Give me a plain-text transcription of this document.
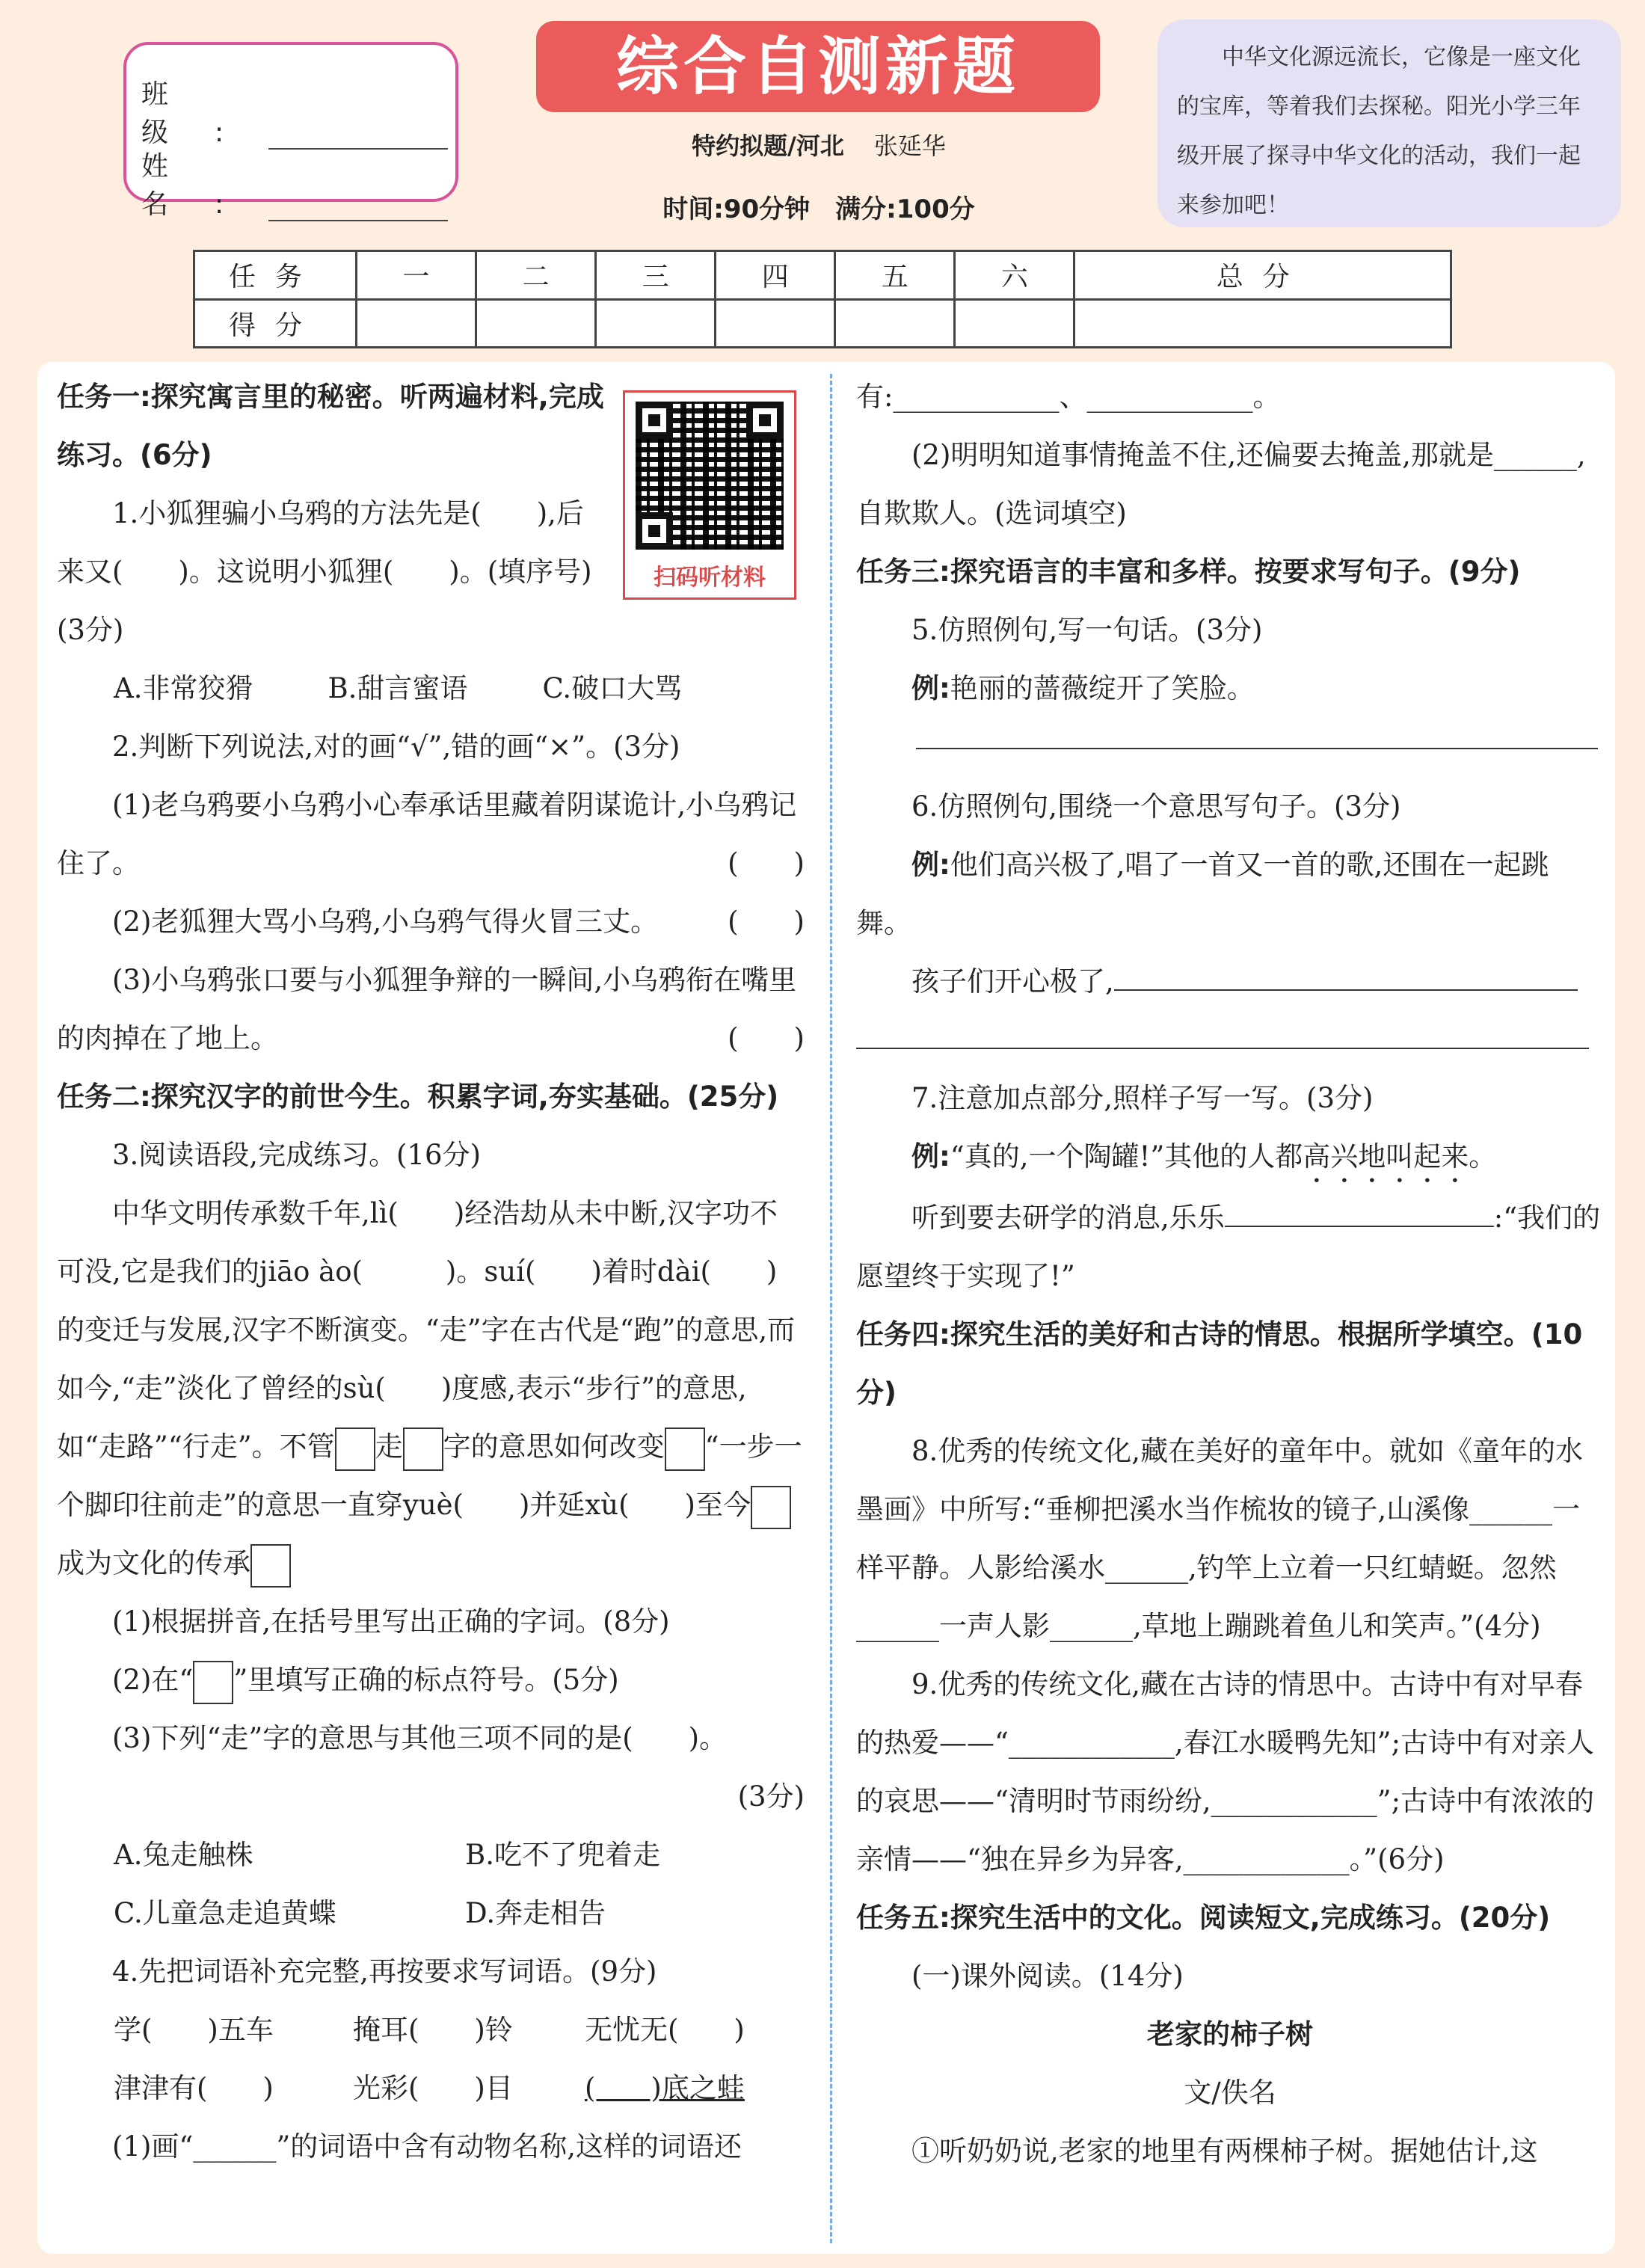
班级:
姓名:
综合自测新题
特约拟题/河北 张延华
时间:90分钟　满分:100分
中华文化源远流长，它像是一座文化的宝库，等着我们去探秘。阳光小学三年级开展了探寻中华文化的活动，我们一起来参加吧！
任务	一	二	三	四	五	六	总分
得分							
扫码听材料

任务一:探究寓言里的秘密。听两遍材料,完成练习。(6分)

1.小狐狸骗小乌鸦的方法先是(　　),后来又(　　)。这说明小狐狸(　　)。(填序号)(3分)

A.非常狡猾	B.甜言蜜语	C.破口大骂

2.判断下列说法,对的画“√”,错的画“×”。(3分)

(1)老乌鸦要小乌鸦小心奉承话里藏着阴谋诡计,小乌鸦记住了。	(　　)

(2)老狐狸大骂小乌鸦,小乌鸦气得火冒三丈。	(　　)

(3)小乌鸦张口要与小狐狸争辩的一瞬间,小乌鸦衔在嘴里的肉掉在了地上。	(　　)

任务二:探究汉字的前世今生。积累字词,夯实基础。(25分)

3.阅读语段,完成练习。(16分)

中华文明传承数千年,lì(　　)经浩劫从未中断,汉字功不可没,它是我们的jiāo ào(　　　)。suí(　　)着时dài(　　)的变迁与发展,汉字不断演变。“走”字在古代是“跑”的意思,而如今,“走”淡化了曾经的sù(　　)度感,表示“步行”的意思,如“走路”“行走”。不管 走 字的意思如何改变 “一步一个脚印往前走”的意思一直穿yuè(　　)并延xù(　　)至今成为文化的传承

(1)根据拼音,在括号里写出正确的字词。(8分)

(2)在“ ”里填写正确的标点符号。(5分)

(3)下列“走”字的意思与其他三项不同的是(　　)。

(3分)

A.兔走触株	B.吃不了兜着走

C.儿童急走追黄蝶	D.奔走相告

4.先把词语补充完整,再按要求写词语。(9分)

学(　　)五车	掩耳(　　)铃	无忧无(　　)

津津有(　　)	光彩(　　)目	(　　)底之蛙

(1)画“______”的词语中含有动物名称,这样的词语还

有:____________、____________。

(2)明明知道事情掩盖不住,还偏要去掩盖,那就是______,自欺欺人。(选词填空)

任务三:探究语言的丰富和多样。按要求写句子。(9分)

5.仿照例句,写一句话。(3分)

例:艳丽的蔷薇绽开了笑脸。

6.仿照例句,围绕一个意思写句子。(3分)

例:他们高兴极了,唱了一首又一首的歌,还围在一起跳舞。

孩子们开心极了,

7.注意加点部分,照样子写一写。(3分)

例:“真的,一个陶罐!”其他的人都高兴地叫起来。

听到要去研学的消息,乐乐	:“我们的愿望终于实现了!”

任务四:探究生活的美好和古诗的情思。根据所学填空。(10分)

8.优秀的传统文化,藏在美好的童年中。就如《童年的水墨画》中所写:“垂柳把溪水当作梳妆的镜子,山溪像______一样平静。人影给溪水______,钓竿上立着一只红蜻蜓。忽然______一声人影______,草地上蹦跳着鱼儿和笑声。”(4分)

9.优秀的传统文化,藏在古诗的情思中。古诗中有对早春的热爱——“____________,春江水暖鸭先知”;古诗中有对亲人的哀思——“清明时节雨纷纷,____________”;古诗中有浓浓的亲情——“独在异乡为异客,____________。”(6分)

任务五:探究生活中的文化。阅读短文,完成练习。(20分)

(一)课外阅读。(14分)

老家的柿子树

文/佚名

①听奶奶说,老家的地里有两棵柿子树。据她估计,这
